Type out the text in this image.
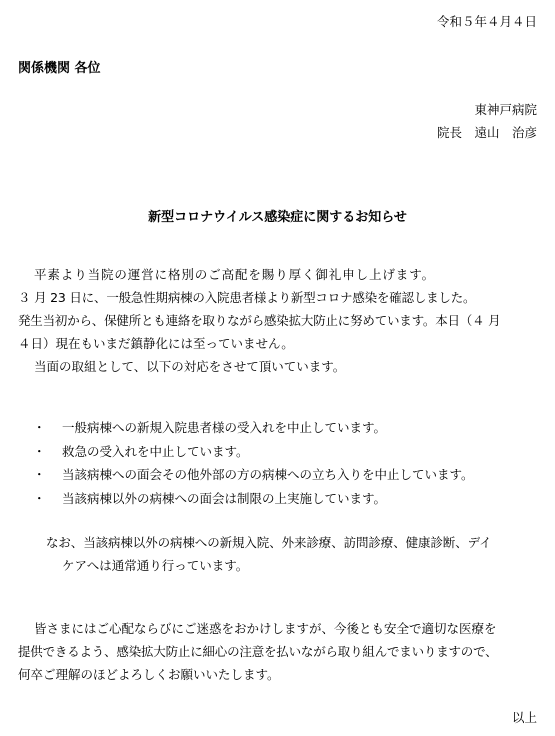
令和５年４月４日
関係機関 各位
東神戸病院
院長　遠山　治彦
新型コロナウイルス感染症に関するお知らせ
平素より当院の運営に格別のご高配を賜り厚く御礼申し上げます。
３ 月 23 日に、一般急性期病棟の入院患者様より新型コロナ感染を確認しました。
発生当初から、保健所とも連絡を取りながら感染拡大防止に努めています。本日（４ 月
４日）現在もいまだ鎮静化には至っていません。
当面の取組として、以下の対応をさせて頂いています。
・ 一般病棟への新規入院患者様の受入れを中止しています。
・ 救急の受入れを中止しています。
・ 当該病棟への面会その他外部の方の病棟への立ち入りを中止しています。
・ 当該病棟以外の病棟への面会は制限の上実施しています。
なお、当該病棟以外の病棟への新規入院、外来診療、訪問診療、健康診断、デイ
ケアへは通常通り行っています。
皆さまにはご心配ならびにご迷惑をおかけしますが、今後とも安全で適切な医療を
提供できるよう、感染拡大防止に細心の注意を払いながら取り組んでまいりますので、
何卒ご理解のほどよろしくお願いいたします。
以上
